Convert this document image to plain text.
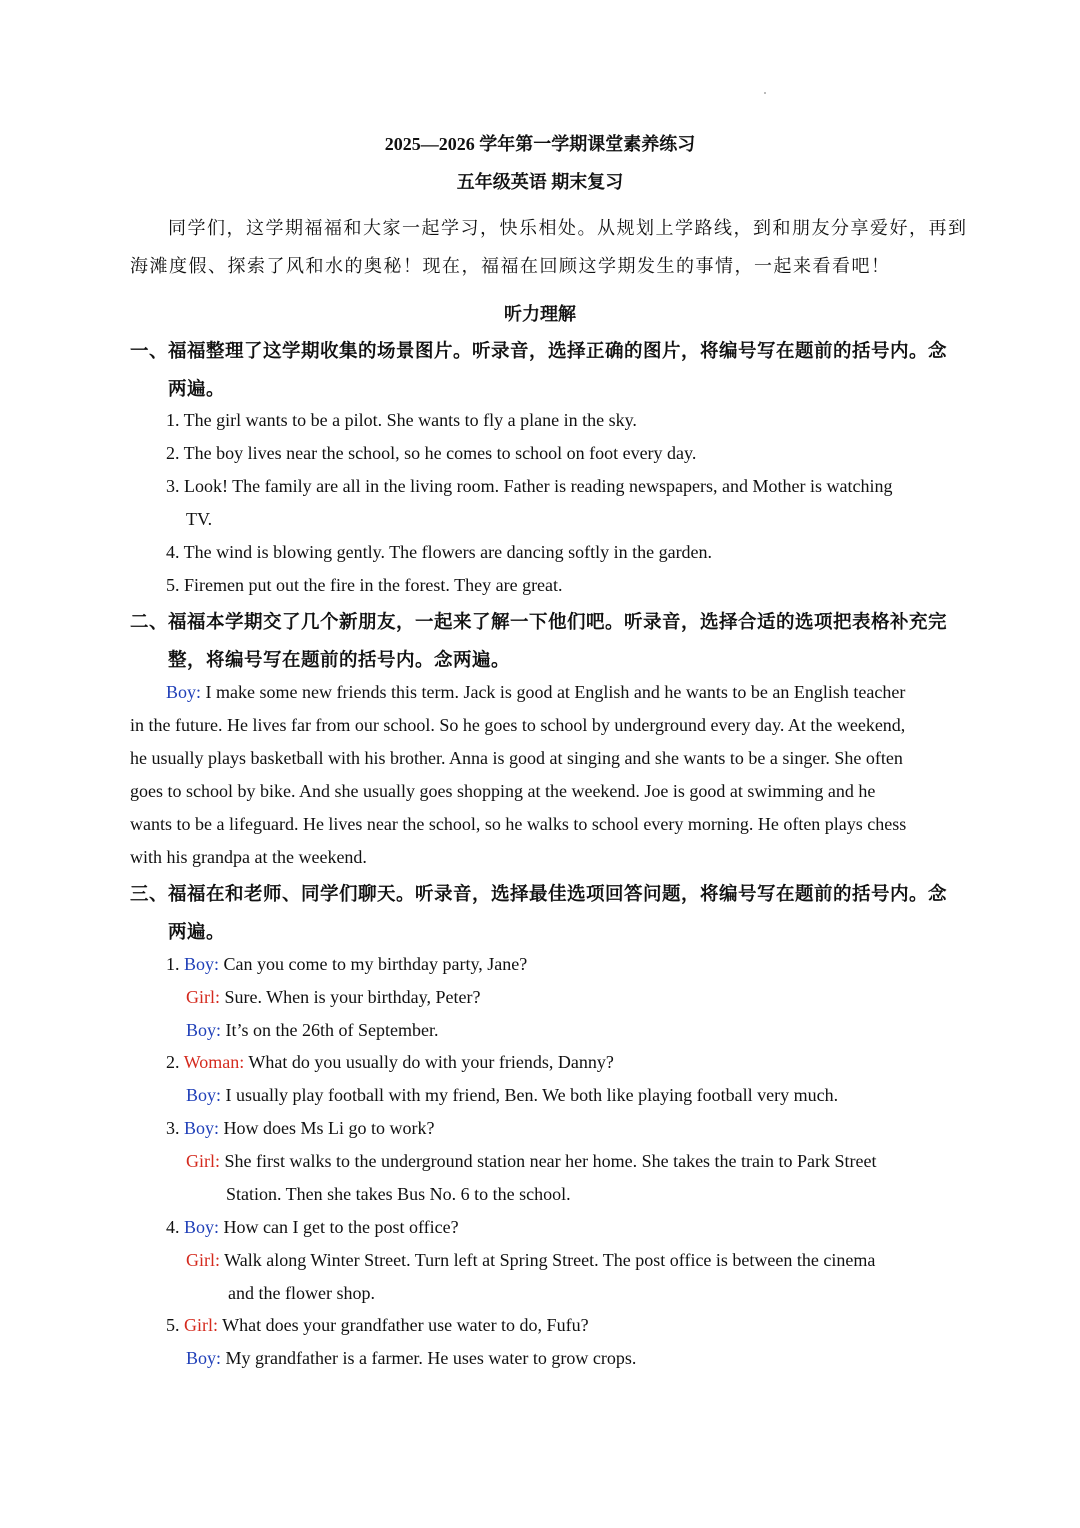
2025—2026 学年第一学期课堂素养练习
五年级英语 期末复习
同学们，这学期福福和大家一起学习，快乐相处。从规划上学路线，到和朋友分享爱好，再到
海滩度假、探索了风和水的奥秘！现在，福福在回顾这学期发生的事情，一起来看看吧！
听力理解
一、福福整理了这学期收集的场景图片。听录音，选择正确的图片，将编号写在题前的括号内。念
两遍。
1. The girl wants to be a pilot. She wants to fly a plane in the sky.
2. The boy lives near the school, so he comes to school on foot every day.
3. Look! The family are all in the living room. Father is reading newspapers, and Mother is watching
TV.
4. The wind is blowing gently. The flowers are dancing softly in the garden.
5. Firemen put out the fire in the forest. They are great.
二、福福本学期交了几个新朋友，一起来了解一下他们吧。听录音，选择合适的选项把表格补充完
整，将编号写在题前的括号内。念两遍。
Boy: I make some new friends this term. Jack is good at English and he wants to be an English teacher
in the future. He lives far from our school. So he goes to school by underground every day. At the weekend,
he usually plays basketball with his brother. Anna is good at singing and she wants to be a singer. She often
goes to school by bike. And she usually goes shopping at the weekend. Joe is good at swimming and he
wants to be a lifeguard. He lives near the school, so he walks to school every morning. He often plays chess
with his grandpa at the weekend.
三、福福在和老师、同学们聊天。听录音，选择最佳选项回答问题，将编号写在题前的括号内。念
两遍。
1. Boy: Can you come to my birthday party, Jane?
Girl: Sure. When is your birthday, Peter?
Boy: It’s on the 26th of September.
2. Woman: What do you usually do with your friends, Danny?
Boy: I usually play football with my friend, Ben. We both like playing football very much.
3. Boy: How does Ms Li go to work?
Girl: She first walks to the underground station near her home. She takes the train to Park Street
Station. Then she takes Bus No. 6 to the school.
4. Boy: How can I get to the post office?
Girl: Walk along Winter Street. Turn left at Spring Street. The post office is between the cinema
and the flower shop.
5. Girl: What does your grandfather use water to do, Fufu?
Boy: My grandfather is a farmer. He uses water to grow crops.
